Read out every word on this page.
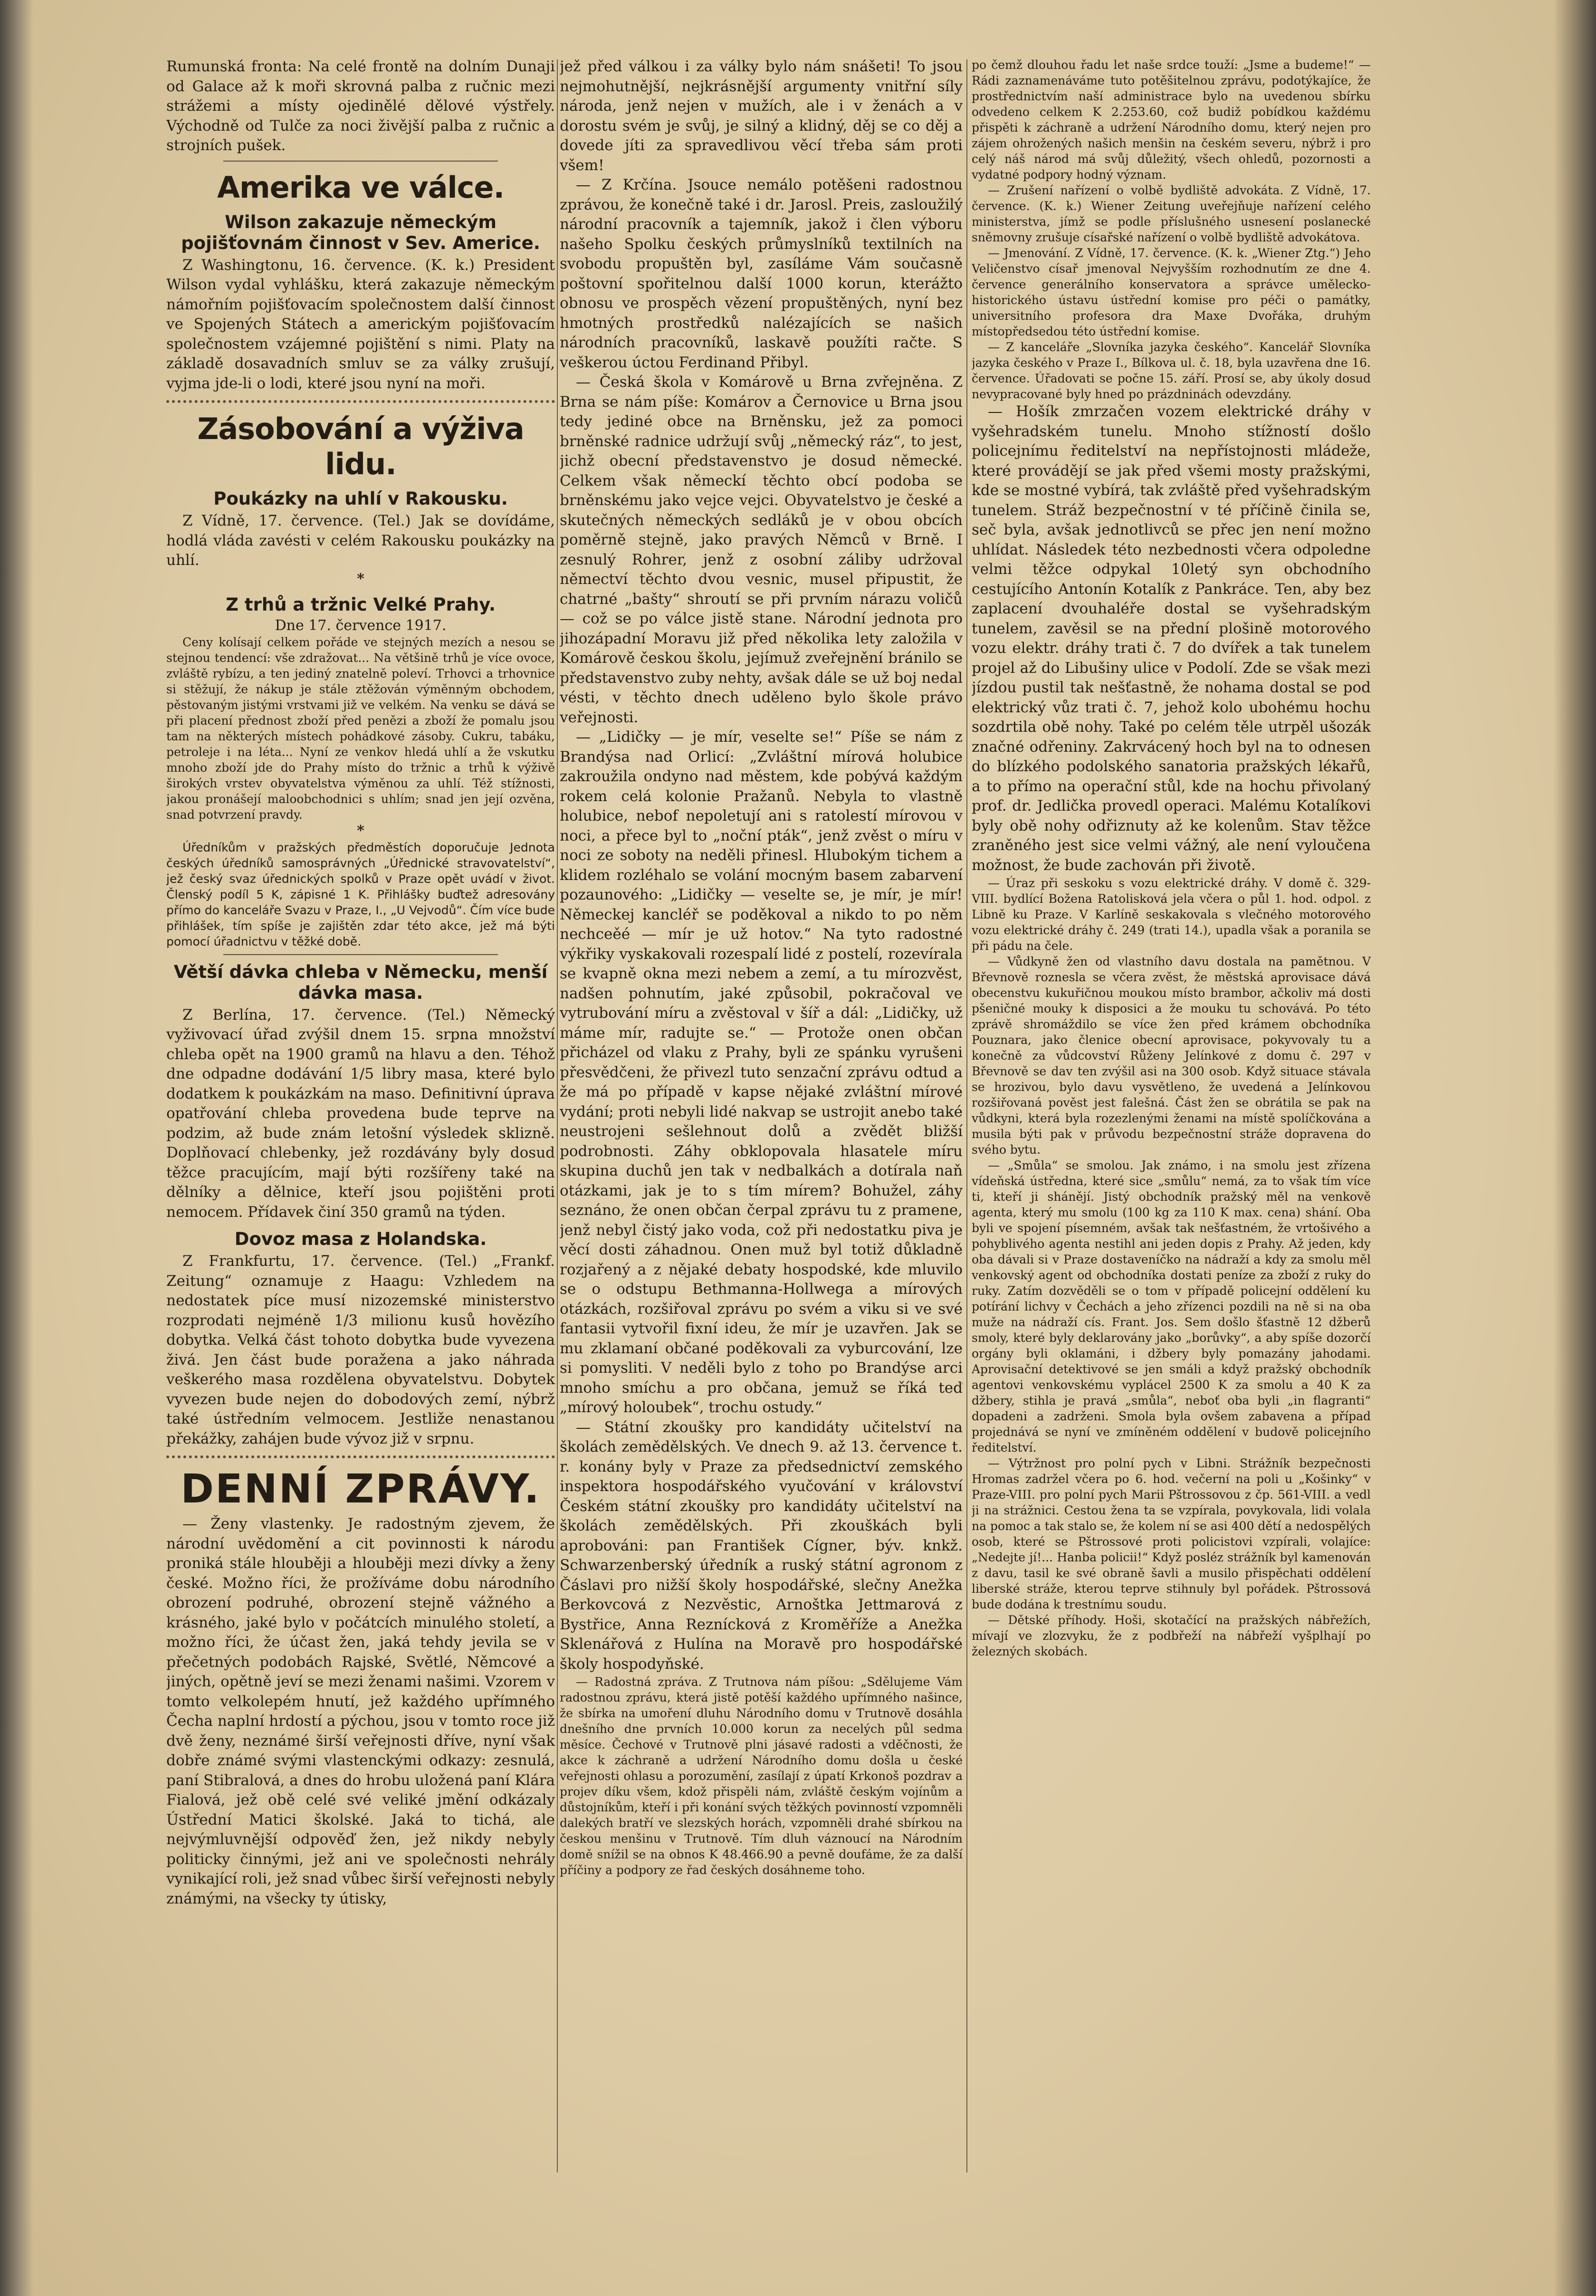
Rumunská fronta: Na celé frontě na dolním Dunaji od Galace až k moři skrovná palba z ručnic mezi strážemi a místy ojedinělé dělové výstřely. Východně od Tulče za noci živější palba z ručnic a strojních pušek.

Amerika ve válce.
Wilson zakazuje německým pojišťovnám činnost v Sev. Americe.

Z Washingtonu, 16. července. (K. k.) President Wilson vydal vyhlášku, která zakazuje německým námořním pojišťovacím společnostem další činnost ve Spojených Státech a americkým pojišťovacím společnostem vzájemné pojištění s nimi. Platy na základě dosavadních smluv se za války zrušují, vyjma jde-li o lodi, které jsou nyní na moři.

Zásobování a výživa lidu.
Poukázky na uhlí v Rakousku.

Z Vídně, 17. července. (Tel.) Jak se dovídáme, hodlá vláda zavésti v celém Rakousku poukázky na uhlí.

*

Z trhů a tržnic Velké Prahy.

Dne 17. července 1917.

Ceny kolísají celkem pořáde ve stejných mezích a nesou se stejnou tendencí: vše zdražovat... Na většině trhů je více ovoce, zvláště rybízu, a ten jediný znatelně poleví. Trhovci a trhovnice si stěžují, že nákup je stále ztěžován výměnným obchodem, pěstovaným jistými vrstvami již ve velkém. Na venku se dává se při placení přednost zboží před penězi a zboží že pomalu jsou tam na některých místech pohádkové zásoby. Cukru, tabáku, petroleje i na léta... Nyní ze venkov hledá uhlí a že vskutku mnoho zboží jde do Prahy místo do tržnic a trhů k výživě širokých vrstev obyvatelstva výměnou za uhlí. Též stížnosti, jakou pronášejí maloobchodnici s uhlím; snad jen její ozvěna, snad potvrzení pravdy.

*

Úředníkům v pražských předměstích doporučuje Jednota českých úředníků samosprávných „Úřednické stravovatelství“, jež český svaz úřednických spolků v Praze opět uvádí v život. Členský podíl 5 K, zápisné 1 K. Přihlášky buďtež adresovány přímo do kanceláře Svazu v Praze, I., „U Vejvodů“. Čím více bude přihlášek, tím spíše je zajištěn zdar této akce, jež má býti pomocí úřadnictvu v těžké době.

Větší dávka chleba v Německu, menší dávka masa.

Z Berlína, 17. července. (Tel.) Německý vyživovací úřad zvýšil dnem 15. srpna množství chleba opět na 1900 gramů na hlavu a den. Téhož dne odpadne dodávání 1/5 libry masa, které bylo dodatkem k poukázkám na maso. Definitivní úprava opatřování chleba provedena bude teprve na podzim, až bude znám letošní výsledek sklizně. Doplňovací chlebenky, jež rozdávány byly dosud těžce pracujícím, mají býti rozšířeny také na dělníky a dělnice, kteří jsou pojištěni proti nemocem. Přídavek činí 350 gramů na týden.

Dovoz masa z Holandska.

Z Frankfurtu, 17. července. (Tel.) „Frankf. Zeitung“ oznamuje z Haagu: Vzhledem na nedostatek píce musí nizozemské ministerstvo rozprodati nejméně 1/3 milionu kusů hovězího dobytka. Velká část tohoto dobytka bude vyvezena živá. Jen část bude poražena a jako náhrada veškerého masa rozdělena obyvatelstvu. Dobytek vyvezen bude nejen do dobodových zemí, nýbrž také ústředním velmocem. Jestliže nenastanou překážky, zahájen bude vývoz již v srpnu.

DENNÍ ZPRÁVY.

— Ženy vlastenky. Je radostným zjevem, že národní uvědomění a cit povinnosti k národu proniká stále hlouběji a hlouběji mezi dívky a ženy české. Možno říci, že prožíváme dobu národního obrození podruhé, obrození stejně vážného a krásného, jaké bylo v počátcích minulého století, a možno říci, že účast žen, jaká tehdy jevila se v přečetných podobách Rajské, Světlé, Němcové a jiných, opětně jeví se mezi ženami našimi. Vzorem v tomto velkolepém hnutí, jež každého upřímného Čecha naplní hrdostí a pýchou, jsou v tomto roce již dvě ženy, neznámé širší veřejnosti dříve, nyní však dobře známé svými vlastenckými odkazy: zesnulá, paní Stibralová, a dnes do hrobu uložená paní Klára Fialová, jež obě celé své veliké jmění odkázaly Ústřední Matici školské. Jaká to tichá, ale nejvýmluvnější odpověď žen, jež nikdy nebyly politicky činnými, jež ani ve společnosti nehrály vynikající roli, jež snad vůbec širší veřejnosti nebyly známými, na všecky ty útisky,

jež před válkou i za války bylo nám snášeti! To jsou nejmohutnější, nejkrásnější argumenty vnitřní síly národa, jenž nejen v mužích, ale i v ženách a v dorostu svém je svůj, je silný a klidný, děj se co děj a dovede jíti za spravedlivou věcí třeba sám proti všem!

— Z Krčína. Jsouce nemálo potěšeni radostnou zprávou, že konečně také i dr. Jarosl. Preis, zasloužilý národní pracovník a tajemník, jakož i člen výboru našeho Spolku českých průmyslníků textilních na svobodu propuštěn byl, zasíláme Vám současně poštovní spořitelnou další 1000 korun, kterážto obnosu ve prospěch vězení propuštěných, nyní bez hmotných prostředků nalézajících se našich národních pracovníků, laskavě použíti račte. S veškerou úctou Ferdinand Přibyl.

— Česká škola v Komárově u Brna zvřejněna. Z Brna se nám píše: Komárov a Černovice u Brna jsou tedy jediné obce na Brněnsku, jež za pomoci brněnské radnice udržují svůj „německý ráz“, to jest, jichž obecní představenstvo je dosud německé. Celkem však německí těchto obcí podoba se brněnskému jako vejce vejci. Obyvatelstvo je české a skutečných německých sedláků je v obou obcích poměrně stejně, jako pravých Němců v Brně. I zesnulý Rohrer, jenž z osobní záliby udržoval němectví těchto dvou vesnic, musel připustit, že chatrné „bašty“ shroutí se při prvním nárazu voličů — což se po válce jistě stane. Národní jednota pro jihozápadní Moravu již před několika lety založila v Komárově českou školu, jejímuž zveřejnění bránilo se představenstvo zuby nehty, avšak dále se už boj nedal vésti, v těchto dnech uděleno bylo škole právo veřejnosti.

— „Lidičky — je mír, veselte se!“ Píše se nám z Brandýsa nad Orlicí: „Zvláštní mírová holubice zakroužila ondyno nad městem, kde pobývá každým rokem celá kolonie Pražanů. Nebyla to vlastně holubice, nebof nepoletují ani s ratolestí mírovou v noci, a přece byl to „noční pták“, jenž zvěst o míru v noci ze soboty na neděli přinesl. Hlubokým tichem a klidem rozléhalo se volání mocným basem zabarvení pozaunového: „Lidičky — veselte se, je mír, je mír! Německej kancléř se poděkoval a nikdo to po něm nechceěé — mír je už hotov.“ Na tyto radostné výkřiky vyskakovali rozespalí lidé z postelí, rozevírala se kvapně okna mezi nebem a zemí, a tu mírozvěst, nadšen pohnutím, jaké způsobil, pokračoval ve vytrubování míru a zvěstoval v šíř a dál: „Lidičky, už máme mír, radujte se.“ — Protože onen občan přicházel od vlaku z Prahy, byli ze spánku vyrušeni přesvědčeni, že přivezl tuto senzační zprávu odtud a že má po případě v kapse nějaké zvláštní mírové vydání; proti nebyli lidé nakvap se ustrojit anebo také neustrojeni sešlehnout dolů a zvědět bližší podrobnosti. Záhy obklopovala hlasatele míru skupina duchů jen tak v nedbalkách a dotírala naň otázkami, jak je to s tím mírem? Bohužel, záhy seznáno, že onen občan čerpal zprávu tu z pramene, jenž nebyl čistý jako voda, což při nedostatku piva je věcí dosti záhadnou. Onen muž byl totiž důkladně rozjařený a z nějaké debaty hospodské, kde mluvilo se o odstupu Bethmanna-Hollwega a mírových otázkách, rozšiřoval zprávu po svém a viku si ve své fantasii vytvořil fixní ideu, že mír je uzavřen. Jak se mu zklamaní občané poděkovali za vyburcování, lze si pomysliti. V neděli bylo z toho po Brandýse arci mnoho smíchu a pro občana, jemuž se říká teď „mírový holoubek“, trochu ostudy.“

— Státní zkoušky pro kandidáty učitelství na školách zemědělských. Ve dnech 9. až 13. července t. r. konány byly v Praze za předsednictví zemského inspektora hospodářského vyučování v království Českém státní zkoušky pro kandidáty učitelství na školách zemědělských. Při zkouškách byli aprobováni: pan František Cígner, býv. knkž. Schwarzenberský úředník a ruský státní agronom z Čáslavi pro nižší školy hospodářské, slečny Anežka Berkovcová z Nezvěstic, Arnoštka Jettmarová z Bystřice, Anna Reznícková z Kroměříže a Anežka Sklenářová z Hulína na Moravě pro hospodářské školy hospodyňské.

— Radostná zpráva. Z Trutnova nám píšou: „Sdělujeme Vám radostnou zprávu, která jistě potěší každého upřímného našince, že sbírka na umoření dluhu Národního domu v Trutnově dosáhla dnešního dne prvních 10.000 korun za necelých půl sedma měsíce. Čechové v Trutnově plni jásavé radosti a vděčnosti, že akce k záchraně a udržení Národního domu došla u české veřejnosti ohlasu a porozumění, zasílají z úpatí Krkonoš pozdrav a projev díku všem, kdož přispěli nám, zvláště českým vojínům a důstojníkům, kteří i při konání svých těžkých povinností vzpomněli dalekých bratří ve slezských horách, vzpomněli drahé sbírkou na českou menšinu v Trutnově. Tím dluh váznoucí na Národním domě snížil se na obnos K 48.466.90 a pevně doufáme, že za další příčiny a podpory ze řad českých dosáhneme toho.

po čemž dlouhou řadu let naše srdce touží: „Jsme a budeme!“ — Rádi zaznamenáváme tuto potěšitelnou zprávu, podotýkajíce, že prostřednictvím naší administrace bylo na uvedenou sbírku odvedeno celkem K 2.253.60, což budiž pobídkou každému přispěti k záchraně a udržení Národního domu, který nejen pro zájem ohrožených našich menšin na českém severu, nýbrž i pro celý náš národ má svůj důležitý, všech ohledů, pozornosti a vydatné podpory hodný význam.

— Zrušení nařízení o volbě bydliště advokáta. Z Vídně, 17. července. (K. k.) Wiener Zeitung uveřejňuje nařízení celého ministerstva, jímž se podle příslušného usnesení poslanecké sněmovny zrušuje císařské nařízení o volbě bydliště advokátova.

— Jmenování. Z Vídně, 17. července. (K. k. „Wiener Ztg.“) Jeho Veličenstvo císař jmenoval Nejvyšším rozhodnutím ze dne 4. července generálního konservatora a správce umělecko-historického ústavu ústřední komise pro péči o památky, universitního profesora dra Maxe Dvořáka, druhým místopředsedou této ústřední komise.

— Z kanceláře „Slovníka jazyka českého“. Kancelář Slovníka jazyka českého v Praze I., Bílkova ul. č. 18, byla uzavřena dne 16. července. Úřadovati se počne 15. září. Prosí se, aby úkoly dosud nevypracované byly hned po prázdninách odevzdány.

— Hošík zmrzačen vozem elektrické dráhy v vyšehradském tunelu. Mnoho stížností došlo policejnímu ředitelství na nepřístojnosti mládeže, které provádějí se jak před všemi mosty pražskými, kde se mostné vybírá, tak zvláště před vyšehradským tunelem. Stráž bezpečnostní v té příčině činila se, seč byla, avšak jednotlivců se přec jen není možno uhlídat. Následek této nezbednosti včera odpoledne velmi těžce odpykal 10letý syn obchodního cestujícího Antonín Kotalík z Pankráce. Ten, aby bez zaplacení dvouhaléře dostal se vyšehradským tunelem, zavěsil se na přední plošině motorového vozu elektr. dráhy trati č. 7 do dvířek a tak tunelem projel až do Libušiny ulice v Podolí. Zde se však mezi jízdou pustil tak nešťastně, že nohama dostal se pod elektrický vůz trati č. 7, jehož kolo ubohému hochu sozdrtila obě nohy. Také po celém těle utrpěl ušozák značné odřeniny. Zakrvácený hoch byl na to odnesen do blízkého podolského sanatoria pražských lékařů, a to přímo na operační stůl, kde na hochu přivolaný prof. dr. Jedlička provedl operaci. Malému Kotalíkovi byly obě nohy odřiznuty až ke kolenům. Stav těžce zraněného jest sice velmi vážný, ale není vyloučena možnost, že bude zachován při životě.

— Úraz při seskoku s vozu elektrické dráhy. V domě č. 329-VIII. bydlící Božena Ratolisková jela včera o půl 1. hod. odpol. z Libně ku Praze. V Karlíně seskakovala s vlečného motorového vozu elektrické dráhy č. 249 (trati 14.), upadla však a poranila se při pádu na čele.

— Vůdkyně žen od vlastního davu dostala na pamětnou. V Břevnově roznesla se včera zvěst, že městská aprovisace dává obecenstvu kukuřičnou moukou místo brambor, ačkoliv má dosti pšeničné mouky k disposici a že mouku tu schovává. Po této zprávě shromáždilo se více žen před krámem obchodníka Pouznara, jako členice obecní aprovisace, pokyvovaly tu a konečně za vůdcovství Růženy Jelínkové z domu č. 297 v Břevnově se dav ten zvýšil asi na 300 osob. Když situace stávala se hrozivou, bylo davu vysvětleno, že uvedená a Jelínkovou rozšiřovaná pověst jest falešná. Část žen se obrátila se pak na vůdkyni, která byla rozezlenými ženami na místě spolíčkována a musila býti pak v průvodu bezpečnostní stráže dopravena do svého bytu.

— „Smůla“ se smolou. Jak známo, i na smolu jest zřízena vídeňská ústředna, které sice „smůlu“ nemá, za to však tím více ti, kteří ji shánějí. Jistý obchodník pražský měl na venkově agenta, který mu smolu (100 kg za 110 K max. cena) shání. Oba byli ve spojení písemném, avšak tak nešťastném, že vrtošivého a pohyblivého agenta nestihl ani jeden dopis z Prahy. Až jeden, kdy oba dávali si v Praze dostaveníčko na nádraží a kdy za smolu měl venkovský agent od obchodníka dostati peníze za zboží z ruky do ruky. Zatím dozvěděli se o tom v případě policejní oddělení ku potírání lichvy v Čechách a jeho zřízenci pozdili na ně si na oba muže na nádraží cís. Frant. Jos. Sem došlo šťastně 12 džberů smoly, které byly deklarovány jako „borůvky“, a aby spíše dozorčí orgány byli oklamáni, i džbery byly pomazány jahodami. Aprovisační detektivové se jen smáli a když pražský obchodník agentovi venkovskému vyplácel 2500 K za smolu a 40 K za džbery, stihla je pravá „smůla“, neboť oba byli „in flagranti“ dopadeni a zadrženi. Smola byla ovšem zabavena a případ projednává se nyní ve zmíněném oddělení v budově policejního ředitelství.

— Výtržnost pro polní pych v Libni. Strážník bezpečnosti Hromas zadržel včera po 6. hod. večerní na poli u „Košinky“ v Praze-VIII. pro polní pych Marii Pštrossovou z čp. 561-VIII. a vedl ji na strážnici. Cestou žena ta se vzpírala, povykovala, lidi volala na pomoc a tak stalo se, že kolem ní se asi 400 dětí a nedospělých osob, které se Pštrossové proti policistovi vzpírali, volajíce: „Nedejte jí!... Hanba policii!“ Když posléz strážník byl kamenován z davu, tasil ke své obraně šavli a musilo přispěchati oddělení liberské stráže, kterou teprve stihnuly byl pořádek. Pštrossová bude dodána k trestnímu soudu.

— Dětské příhody. Hoši, skotačící na pražských nábřežích, mívají ve zlozvyku, že z podbřeží na nábřeží vyšplhají po železných skobách.
